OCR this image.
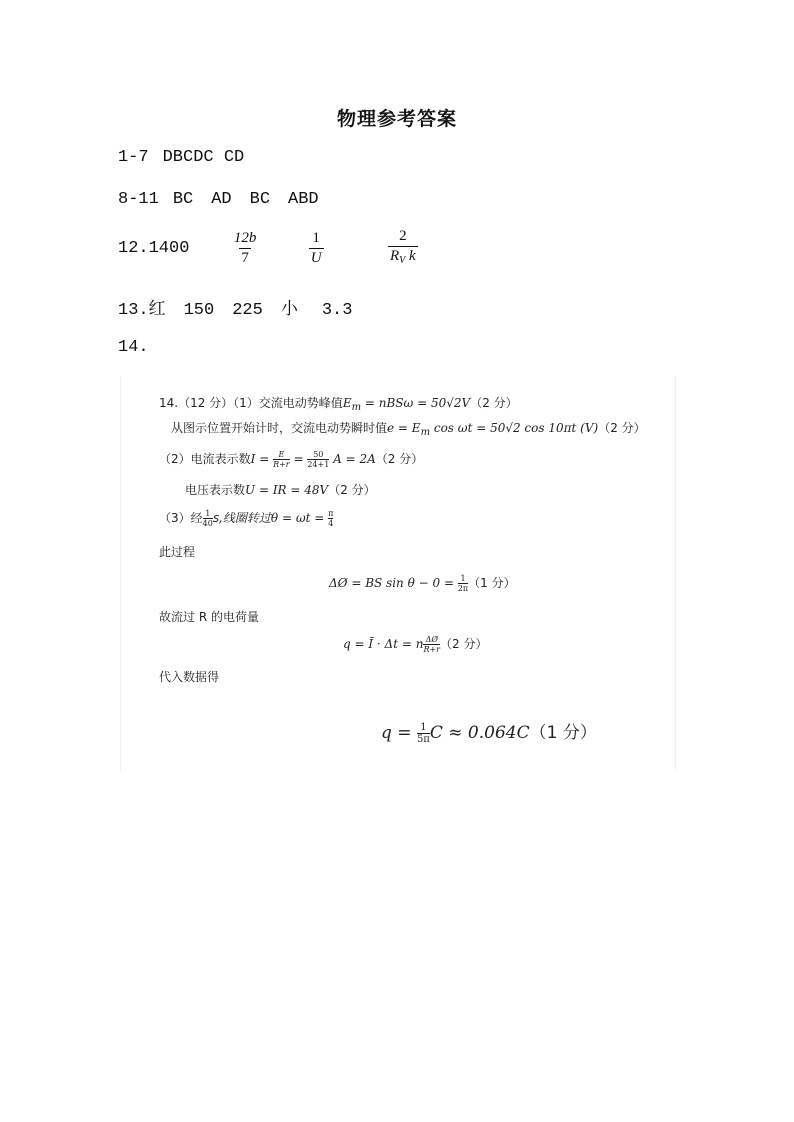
物理参考答案
1-7 DBCDC CD
8-11 BC AD BC ABD
12.1400	$\frac{12b}{7}$
	$\frac{1}{U}$
	$\frac{2}{R_V k}$
13.红 150 225 小 3.3
14.
14.（12 分）（1）交流电动势峰值$E_m = nBS\omega = 50√2V(2$ 分）
从图示位置开始计时，交流电动势瞬时值$e = E_m$ cos ωt = 50√2 cos 10πt (V)（2 分）
（2）电流表示数$I = \frac{E}{R+r} = \frac{50}{24+1}$ A = 2A（2 分）
电压表示数U = IR = 48V（2 分）
（3）经 $\frac{1}{40} s$,线圈转过$\theta = \omega t = \frac{\pi}{4}$
此过程
ΔØ = BS $\sin \theta - 0 = \frac{1}{2\pi} (1$ 分）
故流过 R 的电荷量
q = Ī · Δt = n $\frac{\Delta Ø}{R+r} (2$ 分）
代入数据得
$q = \frac{1}{5\pi}$ C ≈ 0.064C（1 分）
